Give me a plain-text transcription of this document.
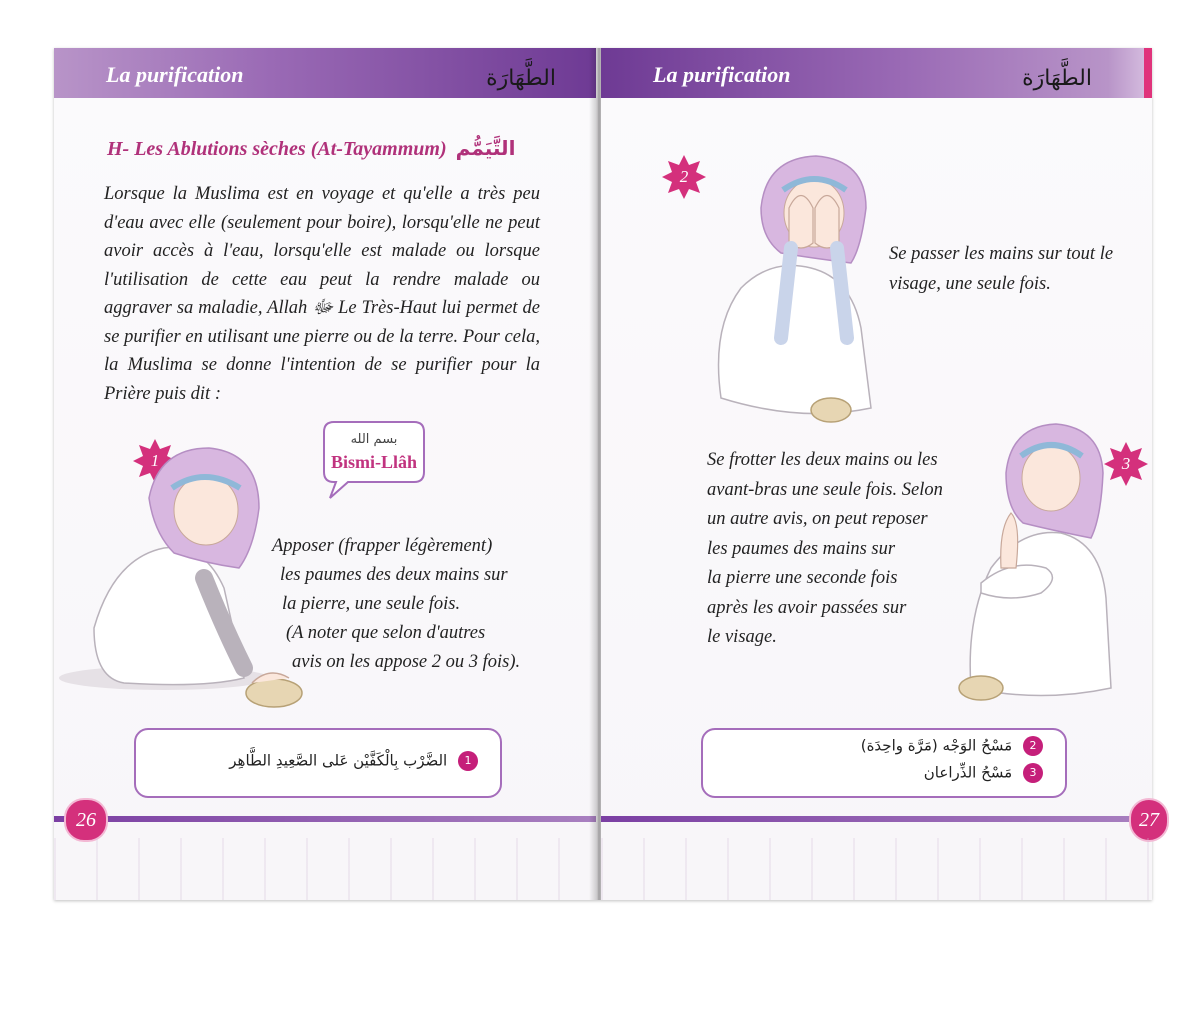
La purification	الطَّهَارَة
H- Les Ablutions sèches (At-Tayammum) التَّيَمُّم
Lorsque la Muslima est en voyage et qu'elle a très peu d'eau avec elle (seulement pour boire), lorsqu'elle ne peut avoir accès à l'eau, lorsqu'elle est malade ou lorsque l'utilisation de cette eau peut la rendre malade ou aggraver sa maladie, Allah ﷻ Le Très-Haut lui permet de se purifier en utilisant une pierre ou de la terre. Pour cela, la Muslima se donne l'intention de se purifier pour la Prière puis dit :
1
بسم الله
Bismi-Llâh
Apposer (frapper légèrement)
les paumes des deux mains sur
la pierre, une seule fois.
(A noter que selon d'autres
avis on les appose 2 ou 3 fois).
الضَّرْب بِالْكَفَّيْن عَلى الصَّعِيدِ الطَّاهِر 1
26
La purification	الطَّهَارَة
2
Se passer les mains sur tout le
visage, une seule fois.
3
Se frotter les deux mains ou les
avant-bras une seule fois. Selon
un autre avis, on peut reposer
les paumes des mains sur
la pierre une seconde fois
après les avoir passées sur
le visage.
مَسْحُ الوَجْه (مَرَّة واحِدَة) 2
مَسْحُ الذِّراعان 3
27
